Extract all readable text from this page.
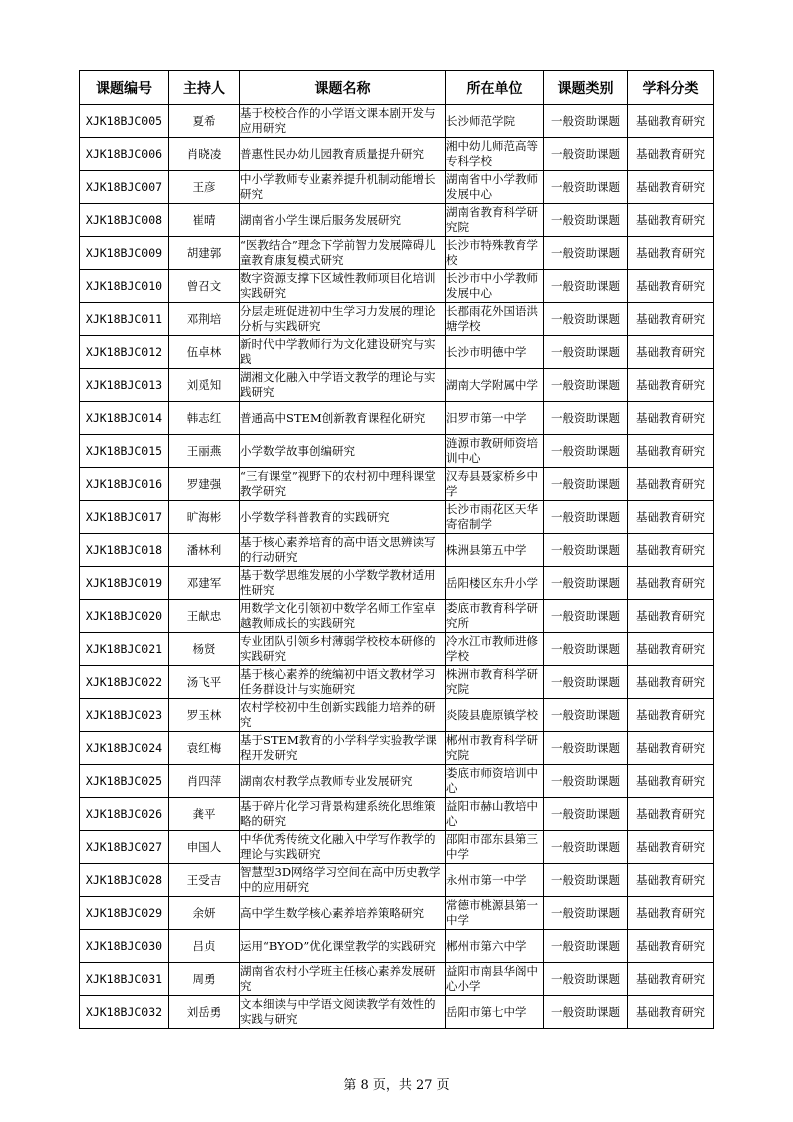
课题编号	主持人	课题名称	所在单位	课题类别	学科分类
XJK18BJC005	夏希	基于校校合作的小学语文课本剧开发与应用研究	长沙师范学院	一般资助课题	基础教育研究
XJK18BJC006	肖晓凌	普惠性民办幼儿园教育质量提升研究	湘中幼儿师范高等专科学校	一般资助课题	基础教育研究
XJK18BJC007	王彦	中小学教师专业素养提升机制动能增长研究	湖南省中小学教师发展中心	一般资助课题	基础教育研究
XJK18BJC008	崔晴	湖南省小学生课后服务发展研究	湖南省教育科学研究院	一般资助课题	基础教育研究
XJK18BJC009	胡建郭	“医教结合”理念下学前智力发展障碍儿童教育康复模式研究	长沙市特殊教育学校	一般资助课题	基础教育研究
XJK18BJC010	曾召文	数字资源支撑下区域性教师项目化培训实践研究	长沙市中小学教师发展中心	一般资助课题	基础教育研究
XJK18BJC011	邓荆培	分层走班促进初中生学习力发展的理论分析与实践研究	长郡雨花外国语洪塘学校	一般资助课题	基础教育研究
XJK18BJC012	伍卓林	新时代中学教师行为文化建设研究与实践	长沙市明德中学	一般资助课题	基础教育研究
XJK18BJC013	刘觅知	湖湘文化融入中学语文教学的理论与实践研究	湖南大学附属中学	一般资助课题	基础教育研究
XJK18BJC014	韩志红	普通高中STEM创新教育课程化研究	汨罗市第一中学	一般资助课题	基础教育研究
XJK18BJC015	王丽燕	小学数学故事创编研究	涟源市教研师资培训中心	一般资助课题	基础教育研究
XJK18BJC016	罗建强	“三有课堂”视野下的农村初中理科课堂教学研究	汉寿县聂家桥乡中学	一般资助课题	基础教育研究
XJK18BJC017	旷海彬	小学数学科普教育的实践研究	长沙市雨花区天华寄宿制学	一般资助课题	基础教育研究
XJK18BJC018	潘林利	基于核心素养培育的高中语文思辨读写的行动研究	株洲县第五中学	一般资助课题	基础教育研究
XJK18BJC019	邓建军	基于数学思维发展的小学数学教材适用性研究	岳阳楼区东升小学	一般资助课题	基础教育研究
XJK18BJC020	王献忠	用数学文化引领初中数学名师工作室卓越教师成长的实践研究	娄底市教育科学研究所	一般资助课题	基础教育研究
XJK18BJC021	杨贤	专业团队引领乡村薄弱学校校本研修的实践研究	冷水江市教师进修学校	一般资助课题	基础教育研究
XJK18BJC022	汤飞平	基于核心素养的统编初中语文教材学习任务群设计与实施研究	株洲市教育科学研究院	一般资助课题	基础教育研究
XJK18BJC023	罗玉林	农村学校初中生创新实践能力培养的研究	炎陵县鹿原镇学校	一般资助课题	基础教育研究
XJK18BJC024	袁红梅	基于STEM教育的小学科学实验教学课程开发研究	郴州市教育科学研究院	一般资助课题	基础教育研究
XJK18BJC025	肖四萍	湖南农村教学点教师专业发展研究	娄底市师资培训中心	一般资助课题	基础教育研究
XJK18BJC026	龚平	基于碎片化学习背景构建系统化思维策略的研究	益阳市赫山教培中心	一般资助课题	基础教育研究
XJK18BJC027	申国人	中华优秀传统文化融入中学写作教学的理论与实践研究	邵阳市邵东县第三中学	一般资助课题	基础教育研究
XJK18BJC028	王受吉	智慧型3D网络学习空间在高中历史教学中的应用研究	永州市第一中学	一般资助课题	基础教育研究
XJK18BJC029	余妍	高中学生数学核心素养培养策略研究	常德市桃源县第一中学	一般资助课题	基础教育研究
XJK18BJC030	吕贞	运用“BYOD”优化课堂教学的实践研究	郴州市第六中学	一般资助课题	基础教育研究
XJK18BJC031	周勇	湖南省农村小学班主任核心素养发展研究	益阳市南县华阁中心小学	一般资助课题	基础教育研究
XJK18BJC032	刘岳勇	文本细读与中学语文阅读教学有效性的实践与研究	岳阳市第七中学	一般资助课题	基础教育研究
第 8 页，共 27 页
